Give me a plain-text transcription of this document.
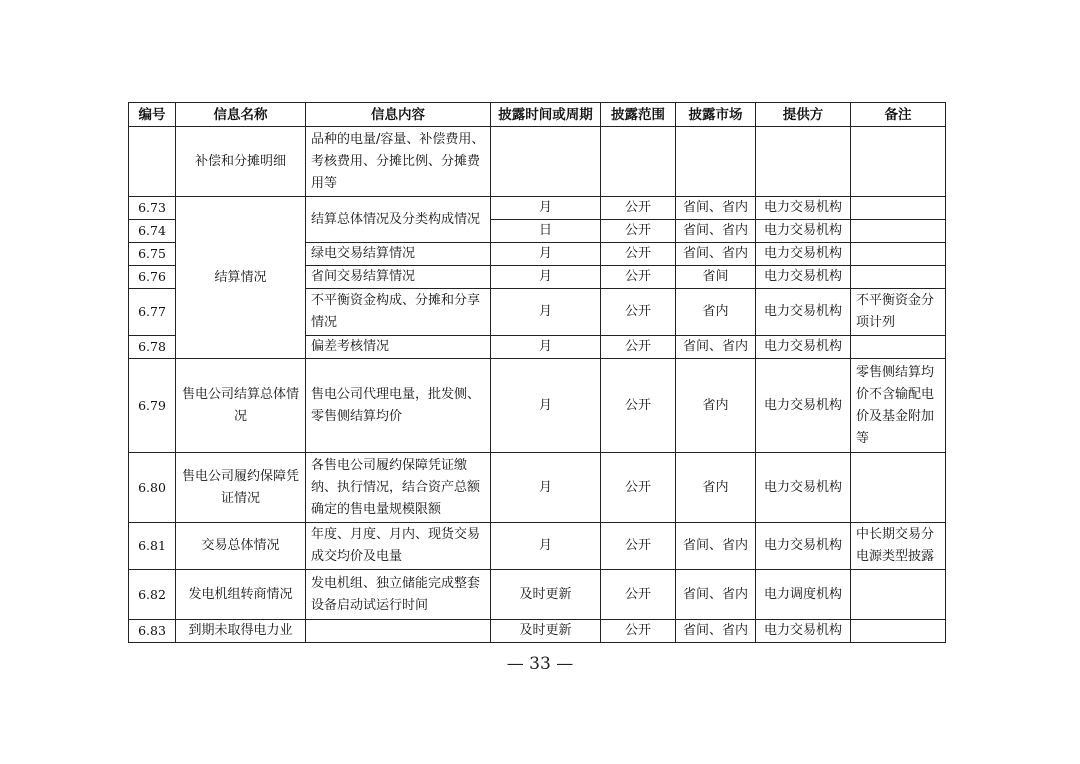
编号	信息名称	信息内容	披露时间或周期	披露范围	披露市场	提供方	备注
	补偿和分摊明细	品种的电量/容量、补偿费用、考核费用、分摊比例、分摊费用等					
6.73	结算情况	结算总体情况及分类构成情况	月	公开	省间、省内	电力交易机构	
6.74			日	公开	省间、省内	电力交易机构	
6.75		绿电交易结算情况	月	公开	省间、省内	电力交易机构	
6.76		省间交易结算情况	月	公开	省间	电力交易机构	
6.77		不平衡资金构成、分摊和分享情况	月	公开	省内	电力交易机构	不平衡资金分项计列
6.78		偏差考核情况	月	公开	省间、省内	电力交易机构	
6.79	售电公司结算总体情况	售电公司代理电量，批发侧、零售侧结算均价	月	公开	省内	电力交易机构	零售侧结算均价不含输配电价及基金附加等
6.80	售电公司履约保障凭证情况	各售电公司履约保障凭证缴纳、执行情况，结合资产总额确定的售电量规模限额	月	公开	省内	电力交易机构	
6.81	交易总体情况	年度、月度、月内、现货交易成交均价及电量	月	公开	省间、省内	电力交易机构	中长期交易分电源类型披露
6.82	发电机组转商情况	发电机组、独立储能完成整套设备启动试运行时间	及时更新	公开	省间、省内	电力调度机构	
6.83	到期未取得电力业		及时更新	公开	省间、省内	电力交易机构	
— 33 —
